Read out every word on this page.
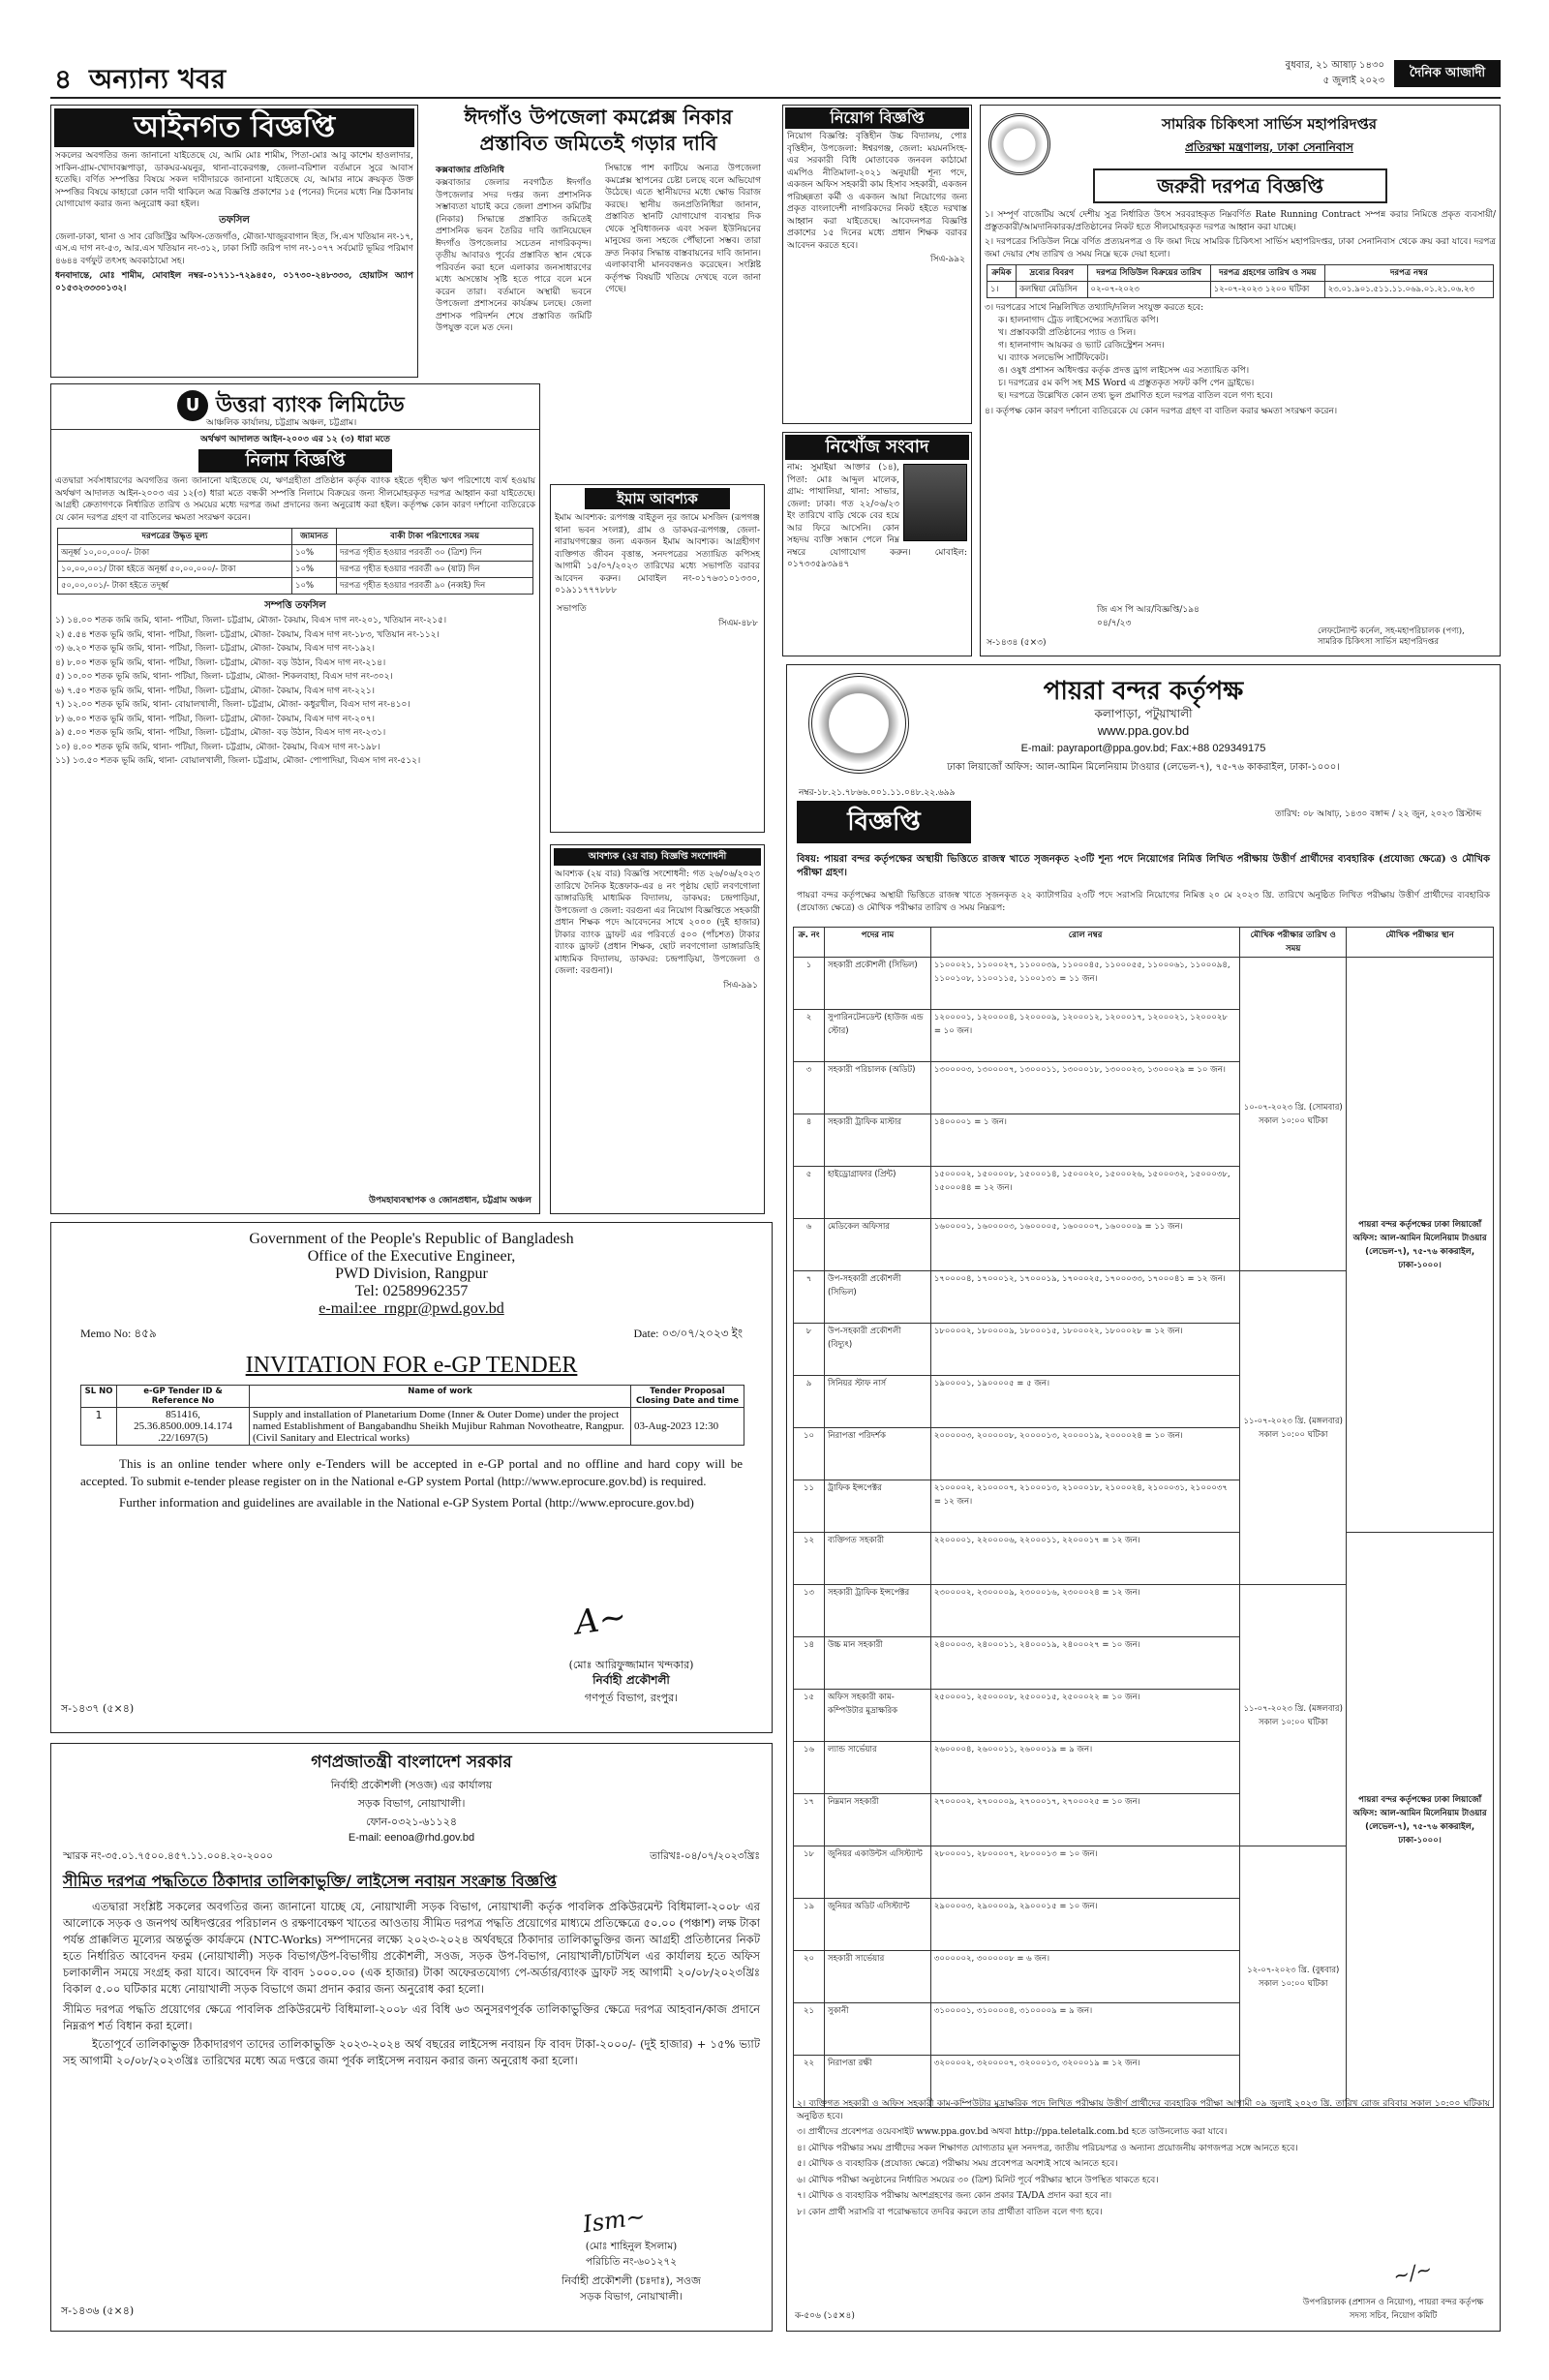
৪ অন্যান্য খবর	বুধবার, ২১ আষাঢ় ১৪৩০
৫ জুলাই ২০২৩
দৈনিক আজাদী
আইনগত বিজ্ঞপ্তি

সকলের অবগতির জন্য জানানো যাইতেছে যে, আমি মোঃ শামীম, পিতা-মোঃ আবু কাশেম হাওলাদার, সাকিন-গ্রাম-খোদাবক্সপাড়া, ডাকঘর-ময়নুর, থানা-বাকেরগঞ্জ, জেলা-বরিশাল বর্তমানে সুরে আবাস হতেছি। বর্ণিত সম্পত্তির বিষয়ে সকল দাবীদারকে জানানো যাইতেছে যে, আমার নামে ক্রয়কৃত উক্ত সম্পত্তির বিষয়ে কাহারো কোন দাবী থাকিলে অত্র বিজ্ঞপ্তি প্রকাশের ১৫ (পনের) দিনের মধ্যে নিম্ন ঠিকানায় যোগাযোগ করার জন্য অনুরোধ করা হইল।

তফসিল

জেলা-ঢাকা, থানা ও সাব রেজিস্ট্রির অফিস-তেজগাঁও, মৌজা-খাজুরবাগান হিত, সি.এস খতিয়ান নং-১৭, এস.এ দাগ নং-৫৩, আর.এস খতিয়ান নং-৩১২, ঢাকা সিটি জরিপ দাগ নং-১০৭৭ সর্বমোট ভূমির পরিমাণ ৪৬৪৪ বর্গফুট তৎসহ অবকাঠামো সহ।

ধনবাদান্তে, মোঃ শামীম, মোবাইল নম্বর-০১৭১১-৭২৯৪৫০, ০১৭৩০-২৪৮৩৩৩, হোয়াটস অ্যাপ ০১৫৩২৩৩৩০১৩২।

U উত্তরা ব্যাংক লিমিটেড
আঞ্চলিক কার্যালয়, চট্টগ্রাম অঞ্চল, চট্টগ্রাম।
অর্থঋণ আদালত আইন-২০০৩ এর ১২ (৩) ধারা মতে
নিলাম বিজ্ঞপ্তি

এতদ্বারা সর্বসাধারণের অবগতির জন্য জানানো যাইতেছে যে, ঋণগ্রহীতা প্রতিষ্ঠান কর্তৃক ব্যাংক হইতে গৃহীত ঋণ পরিশোধে ব্যর্থ হওয়ায় অর্থঋণ আদালত আইন-২০০৩ এর ১২(৩) ধারা মতে বন্ধকী সম্পত্তি নিলামে বিক্রয়ের জন্য সীলমোহরকৃত দরপত্র আহ্বান করা যাইতেছে। আগ্রহী ক্রেতাগণকে নির্ধারিত তারিখ ও সময়ের মধ্যে দরপত্র জমা প্রদানের জন্য অনুরোধ করা হইল। কর্তৃপক্ষ কোন কারণ দর্শানো ব্যতিরেকে যে কোন দরপত্র গ্রহণ বা বাতিলের ক্ষমতা সংরক্ষণ করেন।

দরপত্রের উদ্ধৃত মূল্য	জামানত	বাকী টাকা পরিশোধের সময়
অনূর্ধ্ব ১০,০০,০০০/- টাকা	১০%	দরপত্র গৃহীত হওয়ার পরবর্তী ৩০ (ত্রিশ) দিন
১০,০০,০০১/ টাকা হইতে অনূর্ধ্ব ৫০,০০,০০০/- টাকা	১০%	দরপত্র গৃহীত হওয়ার পরবর্তী ৬০ (ষাট) দিন
৫০,০০,০০১/- টাকা হইতে তদূর্ধ্ব	১০%	দরপত্র গৃহীত হওয়ার পরবর্তী ৯০ (নব্বই) দিন
সম্পত্তি তফসিল

১) ১৪.০০ শতক জমি জমি, থানা- পটিয়া, জিলা- চট্টগ্রাম, মৌজা- কৈয়াম, বিএস দাগ নং-২০১, খতিয়ান নং-২১৫।

২) ৫.৫৪ শতক ভূমি জমি, থানা- পটিয়া, জিলা- চট্টগ্রাম, মৌজা- কৈয়াম, বিএস দাগ নং-১৮৩, খতিয়ান নং-১১২।

৩) ৬.২০ শতক ভূমি জমি, থানা- পটিয়া, জিলা- চট্টগ্রাম, মৌজা- কৈয়াম, বিএস দাগ নং-১৯২।

৪) ৮.০০ শতক ভূমি জমি, থানা- পটিয়া, জিলা- চট্টগ্রাম, মৌজা- বড় উঠান, বিএস দাগ নং-২১৪।

৫) ১০.০০ শতক ভূমি জমি, থানা- পটিয়া, জিলা- চট্টগ্রাম, মৌজা- শিকলবাহা, বিএস দাগ নং-৩০২।

৬) ৭.৫০ শতক ভূমি জমি, থানা- পটিয়া, জিলা- চট্টগ্রাম, মৌজা- কৈয়াম, বিএস দাগ নং-২২১।

৭) ১২.০০ শতক ভূমি জমি, থানা- বোয়ালখালী, জিলা- চট্টগ্রাম, মৌজা- কধুরখীল, বিএস দাগ নং-৪১০।

৮) ৬.০০ শতক ভূমি জমি, থানা- পটিয়া, জিলা- চট্টগ্রাম, মৌজা- কৈয়াম, বিএস দাগ নং-২০৭।

৯) ৫.০০ শতক ভূমি জমি, থানা- পটিয়া, জিলা- চট্টগ্রাম, মৌজা- বড় উঠান, বিএস দাগ নং-২৩১।

১০) ৪.০০ শতক ভূমি জমি, থানা- পটিয়া, জিলা- চট্টগ্রাম, মৌজা- কৈয়াম, বিএস দাগ নং-১৯৮।

১১) ১৩.৫০ শতক ভূমি জমি, থানা- বোয়ালখালী, জিলা- চট্টগ্রাম, মৌজা- পোপাদিয়া, বিএস দাগ নং-৫১২।

উপমহাব্যবস্থাপক ও জোনপ্রধান, চট্টগ্রাম অঞ্চল
ঈদগাঁও উপজেলা কমপ্লেক্স নিকার প্রস্তাবিত জমিতেই গড়ার দাবি
কক্সবাজার প্রতিনিধি

কক্সবাজার জেলার নবগঠিত ঈদগাঁও উপজেলার সদর দপ্তর জন্য প্রশাসনিক সম্ভাব্যতা যাচাই করে জেলা প্রশাসন কমিটির (নিকার) সিদ্ধান্তে প্রস্তাবিত জমিতেই প্রশাসনিক ভবন তৈরির দাবি জানিয়েছেন ঈদগাঁও উপজেলার সচেতন নাগরিকবৃন্দ। তৃতীয় আবারও পূর্বের প্রস্তাবিত স্থান থেকে পরিবর্তন করা হলে এলাকার জনসাধারণের মধ্যে অসন্তোষ সৃষ্টি হতে পারে বলে মনে করেন তারা। বর্তমানে অস্থায়ী ভবনে উপজেলা প্রশাসনের কার্যক্রম চলছে। জেলা প্রশাসক পরিদর্শন শেষে প্রস্তাবিত জমিটি উপযুক্ত বলে মত দেন।

সিদ্ধান্তে পাশ কাটিয়ে অন্যত্র উপজেলা কমপ্লেক্স স্থাপনের চেষ্টা চলছে বলে অভিযোগ উঠেছে। এতে স্থানীয়দের মধ্যে ক্ষোভ বিরাজ করছে। স্থানীয় জনপ্রতিনিধিরা জানান, প্রস্তাবিত স্থানটি যোগাযোগ ব্যবস্থার দিক থেকে সুবিধাজনক এবং সকল ইউনিয়নের মানুষের জন্য সহজে পৌঁছানো সম্ভব। তারা দ্রুত নিকার সিদ্ধান্ত বাস্তবায়নের দাবি জানান। এলাকাবাসী মানববন্ধনও করেছেন। সংশ্লিষ্ট কর্তৃপক্ষ বিষয়টি খতিয়ে দেখছে বলে জানা গেছে।

নিয়োগ বিজ্ঞপ্তি

নিয়োগ বিজ্ঞপ্তি: বৃত্তিহীন উচ্চ বিদ্যালয়, পোঃ বৃত্তিহীন, উপজেলা: ঈশ্বরগঞ্জ, জেলা: ময়মনসিংহ-এর সরকারী বিধি মোতাবেক জনবল কাঠামো এমপিও নীতিমালা-২০২১ অনুযায়ী শূন্য পদে, একজন অফিস সহকারী কাম হিসাব সহকারী, একজন পরিচ্ছন্নতা কর্মী ও একজন আয়া নিয়োগের জন্য প্রকৃত বাংলাদেশী নাগরিকদের নিকট হইতে দরখাস্ত আহ্বান করা যাইতেছে। আবেদনপত্র বিজ্ঞপ্তি প্রকাশের ১৫ দিনের মধ্যে প্রধান শিক্ষক বরাবর আবেদন করতে হবে।

সিএ-৯৯২
নিখোঁজ সংবাদ

নাম: সুমাইয়া আক্তার (১৪), পিতা: মোঃ আব্দুল মালেক, গ্রাম: পাথালিয়া, থানা: সাভার, জেলা: ঢাকা। গত ২২/০৬/২৩ ইং তারিখে বাড়ি থেকে বের হয়ে আর ফিরে আসেনি। কোন সহৃদয় ব্যক্তি সন্ধান পেলে নিম্ন নম্বরে যোগাযোগ করুন। মোবাইল: ০১৭৩৩৫৯৩৯৪৭

ইমাম আবশ্যক

ইমাম আবশ্যক: রূপগঞ্জ বাইতুল নূর জামে মসজিদ (রূপগঞ্জ থানা ভবন সংলগ্ন), গ্রাম ও ডাকঘর-রূপগঞ্জ, জেলা- নারায়ণগঞ্জের জন্য একজন ইমাম আবশ্যক। আগ্রহীগণ ব্যক্তিগত জীবন বৃত্তান্ত, সনদপত্রের সত্যায়িত কপিসহ আগামী ১৫/০৭/২০২৩ তারিখের মধ্যে সভাপতি বরাবর আবেদন করুন। মোবাইল নং-০১৭৬৩১০১৩৩০, ০১৯১১৭৭৭৮৮৮

সভাপতি
সিএম-৪৮৮
আবশ্যক (২য় বার) বিজ্ঞপ্তি সংশোধনী

আবশ্যক (২য় বার) বিজ্ঞপ্তি সংশোধনী: গত ২৬/০৬/২০২৩ তারিখে দৈনিক ইত্তেফাক-এর ৪ নং পৃষ্ঠায় ছোট লবণগোলা ডাঙ্গারডিহি মাধ্যমিক বিদ্যালয়, ডাকঘর: চন্দ্রপাড়িয়া, উপজেলা ও জেলা: বরগুনা এর নিয়োগ বিজ্ঞপ্তিতে সহকারী প্রধান শিক্ষক পদে আবেদনের সাথে ২০০০ (দুই হাজার) টাকার ব্যাংক ড্রাফট এর পরিবর্তে ৫০০ (পাঁচশত) টাকার ব্যাংক ড্রাফট (প্রধান শিক্ষক, ছোট লবণগোলা ডাঙ্গারডিহি মাধ্যমিক বিদ্যালয়, ডাকঘর: চন্দ্রপাড়িয়া, উপজেলা ও জেলা: বরগুনা)।

সিএ-৯৯১
সামরিক চিকিৎসা সার্ভিস মহাপরিদপ্তর
প্রতিরক্ষা মন্ত্রণালয়, ঢাকা সেনানিবাস
জরুরী দরপত্র বিজ্ঞপ্তি

১। সম্পূর্ণ বাজেটিয় অর্থে দেশীয় সুত্র নির্ধারিত উৎস সরবরাহকৃত নিম্নবর্ণিত Rate Running Contract সম্পন্ন করার নিমিত্তে প্রকৃত ব্যবসায়ী/প্রস্তুতকারী/আমদানিকারক/প্রতিষ্ঠানের নিকট হতে সীলমোহরকৃত দরপত্র আহ্বান করা যাচ্ছে।

২। দরপত্রের সিডিউল নিম্নে বর্ণিত প্রত্যয়নপত্র ও ফি জমা দিয়ে সামরিক চিকিৎসা সার্ভিস মহাপরিদপ্তর, ঢাকা সেনানিবাস থেকে ক্রয় করা যাবে। দরপত্র জমা দেয়ার শেষ তারিখ ও সময় নিম্নে ছকে দেয়া হলো।

ক্রমিক	দ্রব্যের বিবরণ	দরপত্র সিডিউল বিক্রয়ের তারিখ	দরপত্র গ্রহণের তারিখ ও সময়	দরপত্র নম্বর
১।	কলম্বিয়া মেডিসিন	০২-০৭-২০২৩	১২-০৭-২০২৩ ১২০০ ঘটিকা	২৩.০১.৯০১.৫১১.১১.০৬৯.০১.২১.০৬.২৩

৩। দরপত্রের সাথে নিম্নলিখিত তথ্যাদি/দলিল সংযুক্ত করতে হবে:

ক। হালনাগাদ ট্রেড লাইসেন্সের সত্যায়িত কপি।
খ। প্রস্তাবকারী প্রতিষ্ঠানের প্যাড ও সিল।
গ। হালনাগাদ আয়কর ও ভ্যাট রেজিস্ট্রেশন সনদ।
ঘ। ব্যাংক সলভেন্সি সার্টিফিকেট।
ঙ। ওষুধ প্রশাসন অধিদপ্তর কর্তৃক প্রদত্ত ড্রাগ লাইসেন্স এর সত্যায়িত কপি।
চ। দরপত্রের ৫ম কপি সহ MS Word এ প্রস্তুতকৃত সফট কপি পেন ড্রাইভে।
ছ। দরপত্রে উল্লেখিত কোন তথ্য ভুল প্রমাণিত হলে দরপত্র বাতিল বলে গণ্য হবে।

৪। কর্তৃপক্ষ কোন কারণ দর্শানো ব্যতিরেকে যে কোন দরপত্র গ্রহণ বা বাতিল করার ক্ষমতা সংরক্ষণ করেন।

জি এস পি আর/বিজ্ঞপ্তি/১৯৪
০৪/৭/২৩
স-১৪৩৪ (৫×৩)
লেফটেন্যান্ট কর্নেল, সহ-মহাপরিচালক (পণ্য), সামরিক চিকিৎসা সার্ভিস মহাপরিদপ্তর
পায়রা বন্দর কর্তৃপক্ষ
কলাপাড়া, পটুয়াখালী
www.ppa.gov.bd
E-mail: payraport@ppa.gov.bd; Fax:+88 029349175
ঢাকা লিয়াজোঁ অফিস: আল-আমিন মিলেনিয়াম টাওয়ার (লেভেল-৭), ৭৫-৭৬ কাকরাইল, ঢাকা-১০০০।
নম্বর-১৮.২১.৭৮৬৬.০০১.১১.০৪৮.২২.৬৯৯
বিজ্ঞপ্তি	তারিখ: ০৮ আষাঢ়, ১৪৩০ বঙ্গাব্দ / ২২ জুন, ২০২৩ খ্রিস্টাব্দ

বিষয়: পায়রা বন্দর কর্তৃপক্ষের অস্থায়ী ভিত্তিতে রাজস্ব খাতে সৃজনকৃত ২৩টি শূন্য পদে নিয়োগের নিমিত্ত লিখিত পরীক্ষায় উত্তীর্ণ প্রার্থীদের ব্যবহারিক (প্রযোজ্য ক্ষেত্রে) ও মৌখিক পরীক্ষা গ্রহণ।

পায়রা বন্দর কর্তৃপক্ষের অস্থায়ী ভিত্তিতে রাজস্ব খাতে সৃজনকৃত ২২ ক্যাটাগরির ২৩টি পদে সরাসরি নিয়োগের নিমিত্ত ২০ মে ২০২৩ খ্রি. তারিখে অনুষ্ঠিত লিখিত পরীক্ষায় উত্তীর্ণ প্রার্থীদের ব্যবহারিক (প্রযোজ্য ক্ষেত্রে) ও মৌখিক পরীক্ষার তারিখ ও সময় নিম্নরূপ:

ক্র. নং	পদের নাম	রোল নম্বর	মৌখিক পরীক্ষার তারিখ ও সময়	মৌখিক পরীক্ষার স্থান
১	সহকারী প্রকৌশলী (সিভিল)	১১০০০২১, ১১০০০২৭, ১১০০০৩৯, ১১০০০৪৫, ১১০০০৫৫, ১১০০০৬১, ১১০০০৯৪, ১১০০১০৮, ১১০০১১৫, ১১০০১৩১ = ১১ জন।	১০-০৭-২০২৩ খ্রি. (সোমবার) সকাল ১০:০০ ঘটিকা	পায়রা বন্দর কর্তৃপক্ষের ঢাকা লিয়াজোঁ অফিস: আল-আমিন মিলেনিয়াম টাওয়ার (লেভেল-৭), ৭৫-৭৬ কাকরাইল, ঢাকা-১০০০।
২	সুপারিনটেনডেন্ট (হাউজ এন্ড স্টোর)	১২০০০০১, ১২০০০০৪, ১২০০০০৯, ১২০০০১২, ১২০০০১৭, ১২০০০২১, ১২০০০২৮ = ১০ জন।		
৩	সহকারী পরিচালক (অডিট)	১৩০০০০৩, ১৩০০০০৭, ১৩০০০১১, ১৩০০০১৮, ১৩০০০২৩, ১৩০০০২৯ = ১০ জন।		
৪	সহকারী ট্রাফিক মাস্টার	১৪০০০০১ = ১ জন।		
৫	হাইড্রোগ্রাফার (প্রিন্ট)	১৫০০০০২, ১৫০০০০৮, ১৫০০০১৪, ১৫০০০২০, ১৫০০০২৬, ১৫০০০৩২, ১৫০০০৩৮, ১৫০০০৪৪ = ১২ জন।		
৬	মেডিকেল অফিসার	১৬০০০০১, ১৬০০০০৩, ১৬০০০০৫, ১৬০০০০৭, ১৬০০০০৯ = ১১ জন।		
৭	উপ-সহকারী প্রকৌশলী (সিভিল)	১৭০০০০৪, ১৭০০০১২, ১৭০০০১৯, ১৭০০০২৫, ১৭০০০৩৩, ১৭০০০৪১ = ১২ জন।	১১-০৭-২০২৩ খ্রি. (মঙ্গলবার) সকাল ১০:০০ ঘটিকা	
৮	উপ-সহকারী প্রকৌশলী (বিদ্যুৎ)	১৮০০০০২, ১৮০০০০৯, ১৮০০০১৫, ১৮০০০২২, ১৮০০০২৮ = ১২ জন।		
৯	সিনিয়র স্টাফ নার্স	১৯০০০০১, ১৯০০০০৫ = ৫ জন।		
১০	নিরাপত্তা পরিদর্শক	২০০০০০৩, ২০০০০০৮, ২০০০০১৩, ২০০০০১৯, ২০০০০২৪ = ১০ জন।		
১১	ট্রাফিক ইন্সপেক্টর	২১০০০০২, ২১০০০০৭, ২১০০০১৩, ২১০০০১৮, ২১০০০২৪, ২১০০০৩১, ২১০০০৩৭ = ১২ জন।		
১২	ব্যক্তিগত সহকারী	২২০০০০১, ২২০০০০৬, ২২০০০১১, ২২০০০১৭ = ১২ জন।		পায়রা বন্দর কর্তৃপক্ষের ঢাকা লিয়াজোঁ অফিস: আল-আমিন মিলেনিয়াম টাওয়ার (লেভেল-৭), ৭৫-৭৬ কাকরাইল, ঢাকা-১০০০।
১৩	সহকারী ট্রাফিক ইন্সপেক্টর	২৩০০০০২, ২৩০০০০৯, ২৩০০০১৬, ২৩০০০২৪ = ১২ জন।	১১-০৭-২০২৩ খ্রি. (মঙ্গলবার) সকাল ১০:০০ ঘটিকা	
১৪	উচ্চ মান সহকারী	২৪০০০০৩, ২৪০০০১১, ২৪০০০১৯, ২৪০০০২৭ = ১০ জন।		
১৫	অফিস সহকারী কাম-কম্পিউটার মুদ্রাক্ষরিক	২৫০০০০১, ২৫০০০০৮, ২৫০০০১৫, ২৫০০০২২ = ১০ জন।		
১৬	ল্যান্ড সার্ভেয়ার	২৬০০০০৪, ২৬০০০১১, ২৬০০০১৯ = ৯ জন।		
১৭	নিম্নমান সহকারী	২৭০০০০২, ২৭০০০০৯, ২৭০০০১৭, ২৭০০০২৫ = ১০ জন।		
১৮	জুনিয়র একাউন্টস এসিস্ট্যান্ট	২৮০০০০১, ২৮০০০০৭, ২৮০০০১৩ = ১০ জন।	১২-০৭-২০২৩ খ্রি. (বুধবার) সকাল ১০:০০ ঘটিকা	
১৯	জুনিয়র অডিট এসিস্ট্যান্ট	২৯০০০০৩, ২৯০০০০৯, ২৯০০০১৫ = ১০ জন।		
২০	সহকারী সার্ভেয়ার	৩০০০০০২, ৩০০০০০৮ = ৬ জন।		
২১	সুকানী	৩১০০০০১, ৩১০০০০৪, ৩১০০০০৯ = ৯ জন।		
২২	নিরাপত্তা রক্ষী	৩২০০০০২, ৩২০০০০৭, ৩২০০০১৩, ৩২০০০১৯ = ১২ জন।		

২। ব্যক্তিগত সহকারী ও অফিস সহকারী কাম-কম্পিউটার মুদ্রাক্ষরিক পদে লিখিত পরীক্ষায় উত্তীর্ণ প্রার্থীদের ব্যবহারিক পরীক্ষা আগামী ০৯ জুলাই ২০২৩ খ্রি. তারিখ রোজ রবিবার সকাল ১০:০০ ঘটিকায় অনুষ্ঠিত হবে।

৩। প্রার্থীদের প্রবেশপত্র ওয়েবসাইট www.ppa.gov.bd অথবা http://ppa.teletalk.com.bd হতে ডাউনলোড করা যাবে।

৪। মৌখিক পরীক্ষার সময় প্রার্থীদের সকল শিক্ষাগত যোগ্যতার মূল সনদপত্র, জাতীয় পরিচয়পত্র ও অন্যান্য প্রয়োজনীয় কাগজপত্র সঙ্গে আনতে হবে।

৫। মৌখিক ও ব্যবহারিক (প্রযোজ্য ক্ষেত্রে) পরীক্ষায় সময় প্রবেশপত্র অবশ্যই সাথে আনতে হবে।

৬। মৌখিক পরীক্ষা অনুষ্ঠানের নির্ধারিত সময়ের ৩০ (ত্রিশ) মিনিট পূর্বে পরীক্ষার স্থানে উপস্থিত থাকতে হবে।

৭। মৌখিক ও ব্যবহারিক পরীক্ষায় অংশগ্রহণের জন্য কোন প্রকার TA/DA প্রদান করা হবে না।

৮। কোন প্রার্থী সরাসরি বা পরোক্ষভাবে তদবির করলে তার প্রার্থীতা বাতিল বলে গণ্য হবে।

ক-৫০৬ (১৫×৪)
~/~
উপপরিচালক (প্রশাসন ও নিয়োগ), পায়রা বন্দর কর্তৃপক্ষ
সদস্য সচিব, নিয়োগ কমিটি
Government of the People's Republic of Bangladesh
Office of the Executive Engineer,
PWD Division, Rangpur
Tel: 02589962357
e-mail:ee_rngpr@pwd.gov.bd
Memo No: ৪৫৯	Date: ০৩/০৭/২০২৩ ইং
INVITATION FOR e-GP TENDER
SL NO	e-GP Tender ID & Reference No	Name of work	Tender Proposal Closing Date and time
1	851416, 25.36.8500.009.14.174 .22/1697(5)	Supply and installation of Planetarium Dome (Inner & Outer Dome) under the project named Establishment of Bangabandhu Sheikh Mujibur Rahman Novotheatre, Rangpur. (Civil Sanitary and Electrical works)	03-Aug-2023 12:30

This is an online tender where only e-Tenders will be accepted in e-GP portal and no offline and hard copy will be accepted. To submit e-tender please register on in the National e-GP system Portal (http://www.eprocure.gov.bd) is required.

Further information and guidelines are available in the National e-GP System Portal (http://www.eprocure.gov.bd)

A~
(মোঃ আরিফুজ্জামান খন্দকার)
নির্বাহী প্রকৌশলী
গণপূর্ত বিভাগ, রংপুর।
স-১৪৩৭ (৫×৪)
গণপ্রজাতন্ত্রী বাংলাদেশ সরকার
নির্বাহী প্রকৌশলী (সওজ) এর কার্যালয়
সড়ক বিভাগ, নোয়াখালী।
ফোন-০৩২১-৬১১২৪
E-mail: eenoa@rhd.gov.bd
স্মারক নং-৩৫.০১.৭৫০০.৪৫৭.১১.০০৪.২০-২০০০	তারিখঃ-০৪/০৭/২০২৩খ্রিঃ
সীমিত দরপত্র পদ্ধতিতে ঠিকাদার তালিকাভুক্তি/ লাইসেন্স নবায়ন সংক্রান্ত বিজ্ঞপ্তি

এতদ্বারা সংশ্লিষ্ট সকলের অবগতির জন্য জানানো যাচ্ছে যে, নোয়াখালী সড়ক বিভাগ, নোয়াখালী কর্তৃক পাবলিক প্রকিউরমেন্ট বিধিমালা-২০০৮ এর আলোকে সড়ক ও জনপথ অধিদপ্তরের পরিচালন ও রক্ষণাবেক্ষণ খাতের আওতায় সীমিত দরপত্র পদ্ধতি প্রয়োগের মাধ্যমে প্রতিক্ষেত্রে ৫০.০০ (পঞ্চাশ) লক্ষ টাকা পর্যন্ত প্রাক্কলিত মূল্যের অন্তর্ভুক্ত কার্যক্রমে (NTC-Works) সম্পাদনের লক্ষ্যে ২০২৩-২০২৪ অর্থবছরে ঠিকাদার তালিকাভুক্তির জন্য আগ্রহী প্রতিষ্ঠানের নিকট হতে নির্ধারিত আবেদন ফরম (নোয়াখালী) সড়ক বিভাগ/উপ-বিভাগীয় প্রকৌশলী, সওজ, সড়ক উপ-বিভাগ, নোয়াখালী/চাটখিল এর কার্যালয় হতে অফিস চলাকালীন সময়ে সংগ্রহ করা যাবে। আবেদন ফি বাবদ ১০০০.০০ (এক হাজার) টাকা অফেরতযোগ্য পে-অর্ডার/ব্যাংক ড্রাফট সহ আগামী ২০/০৮/২০২৩খ্রিঃ বিকাল ৫.০০ ঘটিকার মধ্যে নোয়াখালী সড়ক বিভাগে জমা প্রদান করার জন্য অনুরোধ করা হলো।

সীমিত দরপত্র পদ্ধতি প্রয়োগের ক্ষেত্রে পাবলিক প্রকিউরমেন্ট বিধিমালা-২০০৮ এর বিধি ৬৩ অনুসরণপূর্বক তালিকাভুক্তির ক্ষেত্রে দরপত্র আহবান/কাজ প্রদানে নিম্নরূপ শর্ত বিধান করা হলো।

ইতোপূর্বে তালিকাভুক্ত ঠিকাদারগণ তাদের তালিকাভুক্তি ২০২৩-২০২৪ অর্থ বছরের লাইসেন্স নবায়ন ফি বাবদ টাকা-২০০০/- (দুই হাজার) + ১৫% ভ্যাট সহ আগামী ২০/০৮/২০২৩খ্রিঃ তারিখের মধ্যে অত্র দপ্তরে জমা পূর্বক লাইসেন্স নবায়ন করার জন্য অনুরোধ করা হলো।

Ism~
(মোঃ শাহিনুল ইসলাম)
পরিচিতি নং-৬০১২৭২
নির্বাহী প্রকৌশলী (চঃদাঃ), সওজ
সড়ক বিভাগ, নোয়াখালী।
স-১৪৩৬ (৫×৪)
